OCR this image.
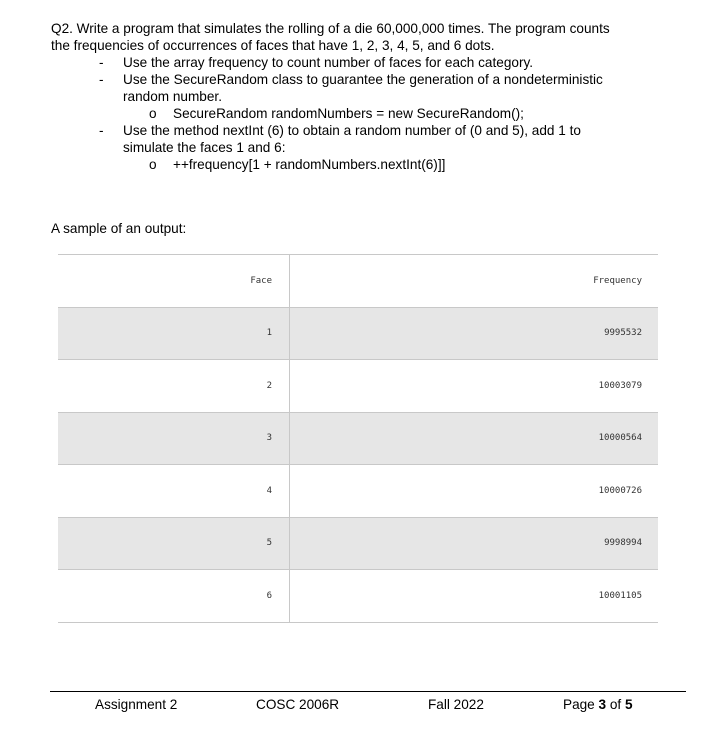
Q2. Write a program that simulates the rolling of a die 60,000,000 times. The program counts

the frequencies of occurrences of faces that have 1, 2, 3, 4, 5, and 6 dots.

- Use the array frequency to count number of faces for each category.

- Use the SecureRandom class to guarantee the generation of a nondeterministic

random number.

o SecureRandom randomNumbers = new SecureRandom();

- Use the method nextInt (6) to obtain a random number of (0 and 5), add 1 to

simulate the faces 1 and 6:

o ++frequency[1 + randomNumbers.nextInt(6)]]

A sample of an output:
Face	Frequency
1	9995532
2	10003079
3	10000564
4	10000726
5	9998994
6	10001105
Assignment 2	COSC 2006R	Fall 2022	Page 3 of 5
